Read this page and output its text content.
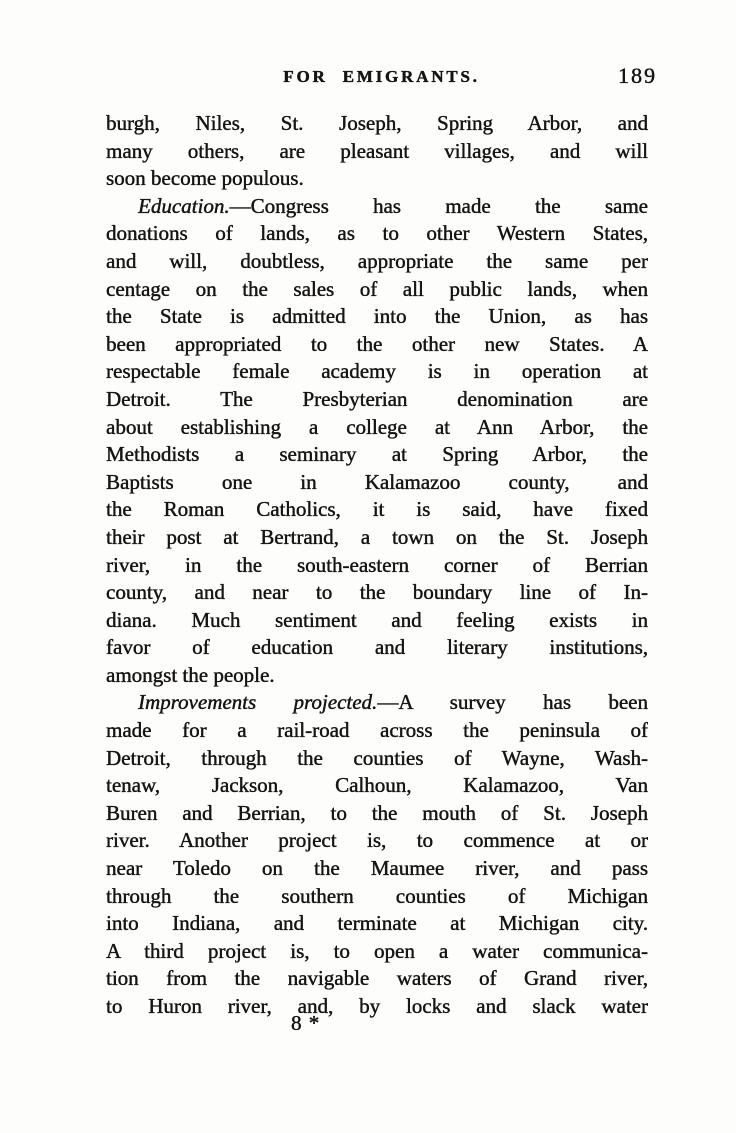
FOR EMIGRANTS.	189
burgh, Niles, St. Joseph, Spring Arbor, and
many others, are pleasant villages, and will
soon become populous.
Education.—Congress has made the same
donations of lands, as to other Western States,
and will, doubtless, appropriate the same per
centage on the sales of all public lands, when
the State is admitted into the Union, as has
been appropriated to the other new States. A
respectable female academy is in operation at
Detroit. The Presbyterian denomination are
about establishing a college at Ann Arbor, the
Methodists a seminary at Spring Arbor, the
Baptists one in Kalamazoo county, and
the Roman Catholics, it is said, have fixed
their post at Bertrand, a town on the St. Joseph
river, in the south-eastern corner of Berrian
county, and near to the boundary line of In-
diana. Much sentiment and feeling exists in
favor of education and literary institutions,
amongst the people.
Improvements projected.—A survey has been
made for a rail-road across the peninsula of
Detroit, through the counties of Wayne, Wash-
tenaw, Jackson, Calhoun, Kalamazoo, Van
Buren and Berrian, to the mouth of St. Joseph
river. Another project is, to commence at or
near Toledo on the Maumee river, and pass
through the southern counties of Michigan
into Indiana, and terminate at Michigan city.
A third project is, to open a water communica-
tion from the navigable waters of Grand river,
to Huron river, and, by locks and slack water
8 *
